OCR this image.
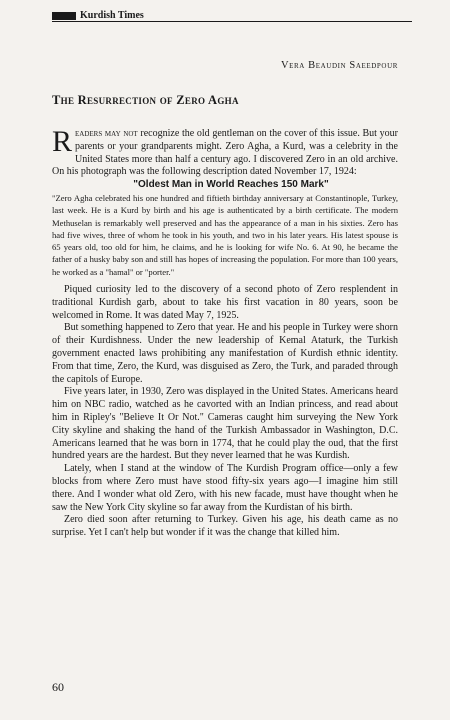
Kurdish Times
Vera Beaudin Saeedpour
The Resurrection of Zero Agha

Readers may not recognize the old gentleman on the cover of this issue. But your parents or your grandparents might. Zero Agha, a Kurd, was a celebrity in the United States more than half a century ago. I discovered Zero in an old archive. On his photograph was the following description dated November 17, 1924:

"Oldest Man in World Reaches 150 Mark"

"Zero Agha celebrated his one hundred and fiftieth birthday anniversary at Constantinople, Turkey, last week. He is a Kurd by birth and his age is authenticated by a birth certificate. The modern Methuselan is remarkably well preserved and has the appearance of a man in his sixties. Zero has had five wives, three of whom he took in his youth, and two in his later years. His latest spouse is 65 years old, too old for him, he claims, and he is looking for wife No. 6. At 90, he became the father of a husky baby son and still has hopes of increasing the population. For more than 100 years, he worked as a "hamal" or "porter."

Piqued curiosity led to the discovery of a second photo of Zero resplendent in traditional Kurdish garb, about to take his first vacation in 80 years, soon be welcomed in Rome. It was dated May 7, 1925.

But something happened to Zero that year. He and his people in Turkey were shorn of their Kurdishness. Under the new leadership of Kemal Ataturk, the Turkish government enacted laws prohibiting any manifestation of Kurdish ethnic identity. From that time, Zero, the Kurd, was disguised as Zero, the Turk, and paraded through the capitols of Europe.

Five years later, in 1930, Zero was displayed in the United States. Americans heard him on NBC radio, watched as he cavorted with an Indian princess, and read about him in Ripley's "Believe It Or Not." Cameras caught him surveying the New York City skyline and shaking the hand of the Turkish Ambassador in Washington, D.C. Americans learned that he was born in 1774, that he could play the oud, that the first hundred years are the hardest. But they never learned that he was Kurdish.

Lately, when I stand at the window of The Kurdish Program office—only a few blocks from where Zero must have stood fifty-six years ago—I imagine him still there. And I wonder what old Zero, with his new facade, must have thought when he saw the New York City skyline so far away from the Kurdistan of his birth.

Zero died soon after returning to Turkey. Given his age, his death came as no surprise. Yet I can't help but wonder if it was the change that killed him.

60
